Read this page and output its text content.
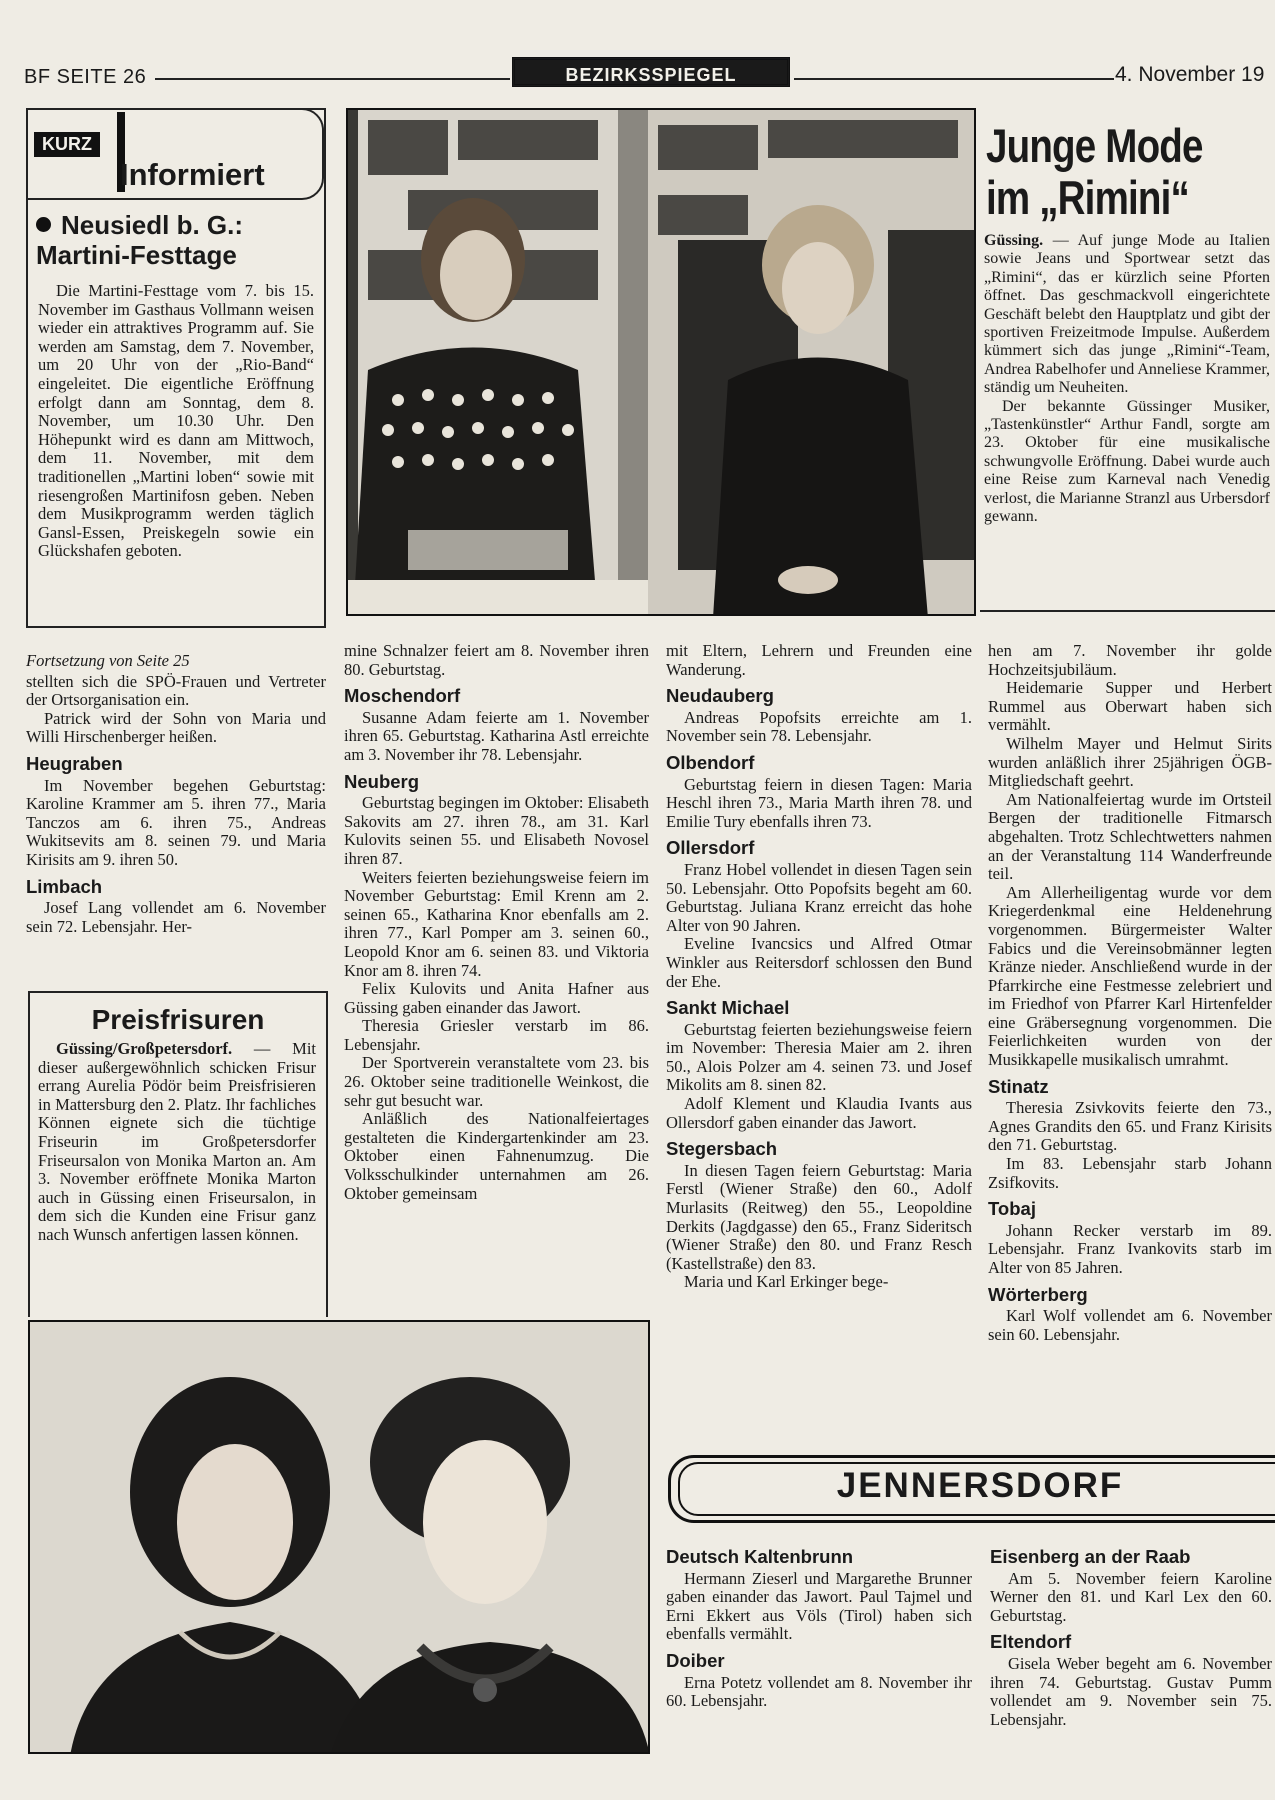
BF SEITE 26	BEZIRKSSPIEGEL	4. November 19
KURZ
Informiert
Neusiedl b. G.: Martini-Festtage

Die Martini-Festtage vom 7. bis 15. November im Gasthaus Vollmann weisen wieder ein attraktives Programm auf. Sie werden am Samstag, dem 7. November, um 20 Uhr von der „Rio-Band“ eingeleitet. Die eigentliche Eröffnung erfolgt dann am Sonntag, dem 8. November, um 10.30 Uhr. Den Höhepunkt wird es dann am Mittwoch, dem 11. November, mit dem traditionellen „Martini loben“ sowie mit riesengroßen Martinifosn geben. Neben dem Musikprogramm werden täglich Gansl-Essen, Preiskegeln sowie ein Glückshafen geboten.

Junge Mode
im „Rimini“

Güssing. — Auf junge Mode au Italien sowie Jeans und Sportwear setzt das „Rimini“, das er kürzlich seine Pforten öffnet. Das geschmackvoll eingerichtete Geschäft belebt den Hauptplatz und gibt der sportiven Freizeitmode Impulse. Außerdem kümmert sich das junge „Rimini“-Team, Andrea Rabelhofer und Anneliese Krammer, ständig um Neuheiten.

Der bekannte Güssinger Musiker, „Tastenkünstler“ Arthur Fandl, sorgte am 23. Oktober für eine musikalische schwungvolle Eröffnung. Dabei wurde auch eine Reise zum Karneval nach Venedig verlost, die Marianne Stranzl aus Urbersdorf gewann.

Fortsetzung von Seite 25

stellten sich die SPÖ-Frauen und Vertreter der Ortsorganisation ein.

Patrick wird der Sohn von Maria und Willi Hirschenberger heißen.

Heugraben

Im November begehen Geburtstag: Karoline Krammer am 5. ihren 77., Maria Tanczos am 6. ihren 75., Andreas Wukitsevits am 8. seinen 79. und Maria Kirisits am 9. ihren 50.

Limbach

Josef Lang vollendet am 6. November sein 72. Lebensjahr. Her-

Preisfrisuren

Güssing/Großpetersdorf. — Mit dieser außergewöhnlich schicken Frisur errang Aurelia Pödör beim Preisfrisieren in Mattersburg den 2. Platz. Ihr fachliches Können eignete sich die tüchtige Friseurin im Großpetersdorfer Friseursalon von Monika Marton an. Am 3. November eröffnete Monika Marton auch in Güssing einen Friseursalon, in dem sich die Kunden eine Frisur ganz nach Wunsch anfertigen lassen können.

mine Schnalzer feiert am 8. November ihren 80. Geburtstag.

Moschendorf

Susanne Adam feierte am 1. November ihren 65. Geburtstag. Katharina Astl erreichte am 3. November ihr 78. Lebensjahr.

Neuberg

Geburtstag begingen im Oktober: Elisabeth Sakovits am 27. ihren 78., am 31. Karl Kulovits seinen 55. und Elisabeth Novosel ihren 87.

Weiters feierten beziehungsweise feiern im November Geburtstag: Emil Krenn am 2. seinen 65., Katharina Knor ebenfalls am 2. ihren 77., Karl Pomper am 3. seinen 60., Leopold Knor am 6. seinen 83. und Viktoria Knor am 8. ihren 74.

Felix Kulovits und Anita Hafner aus Güssing gaben einander das Jawort.

Theresia Griesler verstarb im 86. Lebensjahr.

Der Sportverein veranstaltete vom 23. bis 26. Oktober seine traditionelle Weinkost, die sehr gut besucht war.

Anläßlich des Nationalfeiertages gestalteten die Kindergartenkinder am 23. Oktober einen Fahnenumzug. Die Volksschulkinder unternahmen am 26. Oktober gemeinsam

mit Eltern, Lehrern und Freunden eine Wanderung.

Neudauberg

Andreas Popofsits erreichte am 1. November sein 78. Lebensjahr.

Olbendorf

Geburtstag feiern in diesen Tagen: Maria Heschl ihren 73., Maria Marth ihren 78. und Emilie Tury ebenfalls ihren 73.

Ollersdorf

Franz Hobel vollendet in diesen Tagen sein 50. Lebensjahr. Otto Popofsits begeht am 60. Geburtstag. Juliana Kranz erreicht das hohe Alter von 90 Jahren.

Eveline Ivancsics und Alfred Otmar Winkler aus Reitersdorf schlossen den Bund der Ehe.

Sankt Michael

Geburtstag feierten beziehungsweise feiern im November: Theresia Maier am 2. ihren 50., Alois Polzer am 4. seinen 73. und Josef Mikolits am 8. sinen 82.

Adolf Klement und Klaudia Ivants aus Ollersdorf gaben einander das Jawort.

Stegersbach

In diesen Tagen feiern Geburtstag: Maria Ferstl (Wiener Straße) den 60., Adolf Murlasits (Reitweg) den 55., Leopoldine Derkits (Jagdgasse) den 65., Franz Sideritsch (Wiener Straße) den 80. und Franz Resch (Kastellstraße) den 83.

Maria und Karl Erkinger bege-

hen am 7. November ihr golde Hochzeitsjubiläum.

Heidemarie Supper und Herbert Rummel aus Oberwart haben sich vermählt.

Wilhelm Mayer und Helmut Sirits wurden anläßlich ihrer 25jährigen ÖGB-Mitgliedschaft geehrt.

Am Nationalfeiertag wurde im Ortsteil Bergen der traditionelle Fitmarsch abgehalten. Trotz Schlechtwetters nahmen an der Veranstaltung 114 Wanderfreunde teil.

Am Allerheiligentag wurde vor dem Kriegerdenkmal eine Heldenehrung vorgenommen. Bürgermeister Walter Fabics und die Vereinsobmänner legten Kränze nieder. Anschließend wurde in der Pfarrkirche eine Festmesse zelebriert und im Friedhof von Pfarrer Karl Hirtenfelder eine Gräbersegnung vorgenommen. Die Feierlichkeiten wurden von der Musikkapelle musikalisch umrahmt.

Stinatz

Theresia Zsivkovits feierte den 73., Agnes Grandits den 65. und Franz Kirisits den 71. Geburtstag.

Im 83. Lebensjahr starb Johann Zsifkovits.

Tobaj

Johann Recker verstarb im 89. Lebensjahr. Franz Ivankovits starb im Alter von 85 Jahren.

Wörterberg

Karl Wolf vollendet am 6. November sein 60. Lebensjahr.

JENNERSDORF
Deutsch Kaltenbrunn

Hermann Zieserl und Margarethe Brunner gaben einander das Jawort. Paul Tajmel und Erni Ekkert aus Völs (Tirol) haben sich ebenfalls vermählt.

Doiber

Erna Potetz vollendet am 8. November ihr 60. Lebensjahr.

Eisenberg an der Raab

Am 5. November feiern Karoline Werner den 81. und Karl Lex den 60. Geburtstag.

Eltendorf

Gisela Weber begeht am 6. November ihren 74. Geburtstag. Gustav Pumm vollendet am 9. November sein 75. Lebensjahr.
